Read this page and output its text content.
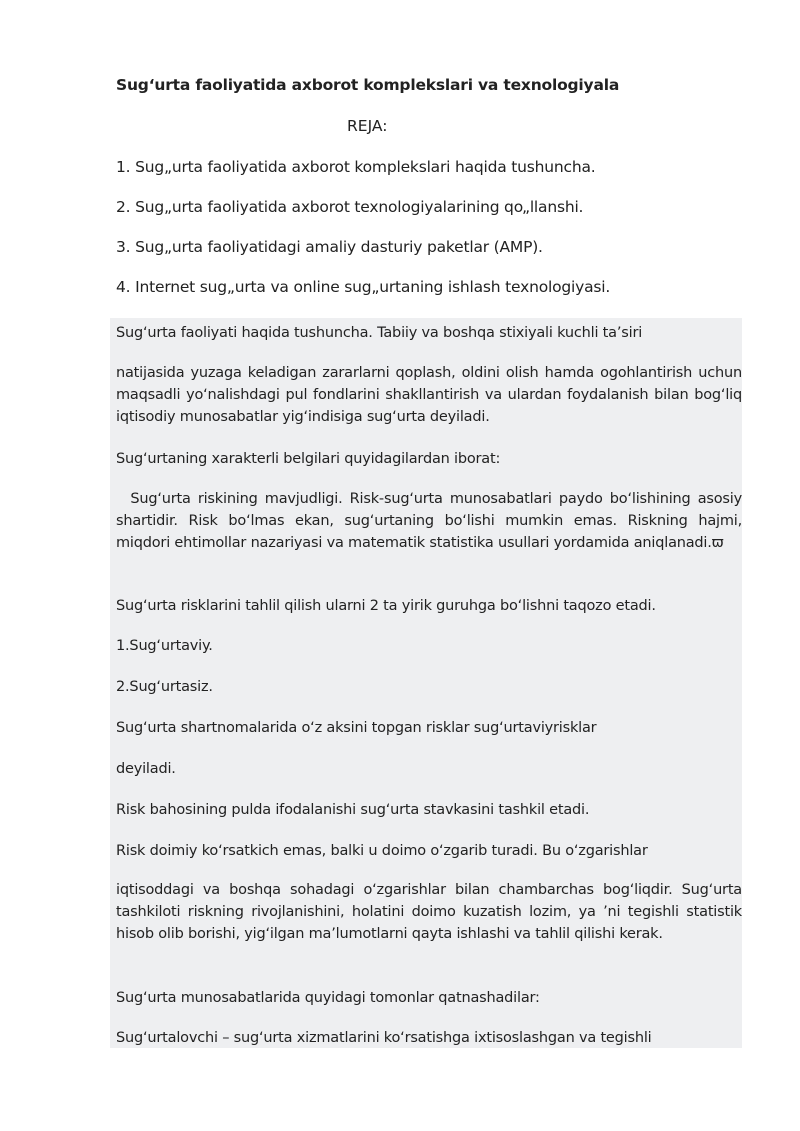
Sug‘urta faoliyatida axborot komplekslari va texnologiyala
REJA:
1. Sug„urta faoliyatida axborot komplekslari haqida tushuncha.
2. Sug„urta faoliyatida axborot texnologiyalarining qo„llanshi.
3. Sug„urta faoliyatidagi amaliy dasturiy paketlar (AMP).
4. Internet sug„urta va online sug„urtaning ishlash texnologiyasi.

Sug‘urta faoliyati haqida tushuncha. Tabiiy va boshqa stixiyali kuchli ta’siri

natijasida yuzaga keladigan zararlarni qoplash, oldini olish hamda ogohlantirish uchun maqsadli yo‘nalishdagi pul fondlarini shakllantirish va ulardan foydalanish bilan bog‘liq iqtisodiy munosabatlar yig‘indisiga sug‘urta deyiladi.

Sug‘urtaning xarakterli belgilari quyidagilardan iborat:

Sug‘urta riskining mavjudligi. Risk-sug‘urta munosabatlari paydo bo‘lishining asosiy shartidir. Risk bo‘lmas ekan, sug‘urtaning bo‘lishi mumkin emas. Riskning hajmi, miqdori ehtimollar nazariyasi va matematik statistika usullari yordamida aniqlanadi.ϖ

Sug‘urta risklarini tahlil qilish ularni 2 ta yirik guruhga bo‘lishni taqozo etadi.

1.Sug‘urtaviy.

2.Sug‘urtasiz.

Sug‘urta shartnomalarida o‘z aksini topgan risklar sug‘urtaviyrisklar

deyiladi.

Risk bahosining pulda ifodalanishi sug‘urta stavkasini tashkil etadi.

Risk doimiy ko‘rsatkich emas, balki u doimo o‘zgarib turadi. Bu o‘zgarishlar

iqtisoddagi va boshqa sohadagi o‘zgarishlar bilan chambarchas bog‘liqdir. Sug‘urta tashkiloti riskning rivojlanishini, holatini doimo kuzatish lozim, ya ’ni tegishli statistik hisob olib borishi, yig‘ilgan ma’lumotlarni qayta ishlashi va tahlil qilishi kerak.

Sug‘urta munosabatlarida quyidagi tomonlar qatnashadilar:

Sug‘urtalovchi – sug‘urta xizmatlarini ko‘rsatishga ixtisoslashgan va tegishli
